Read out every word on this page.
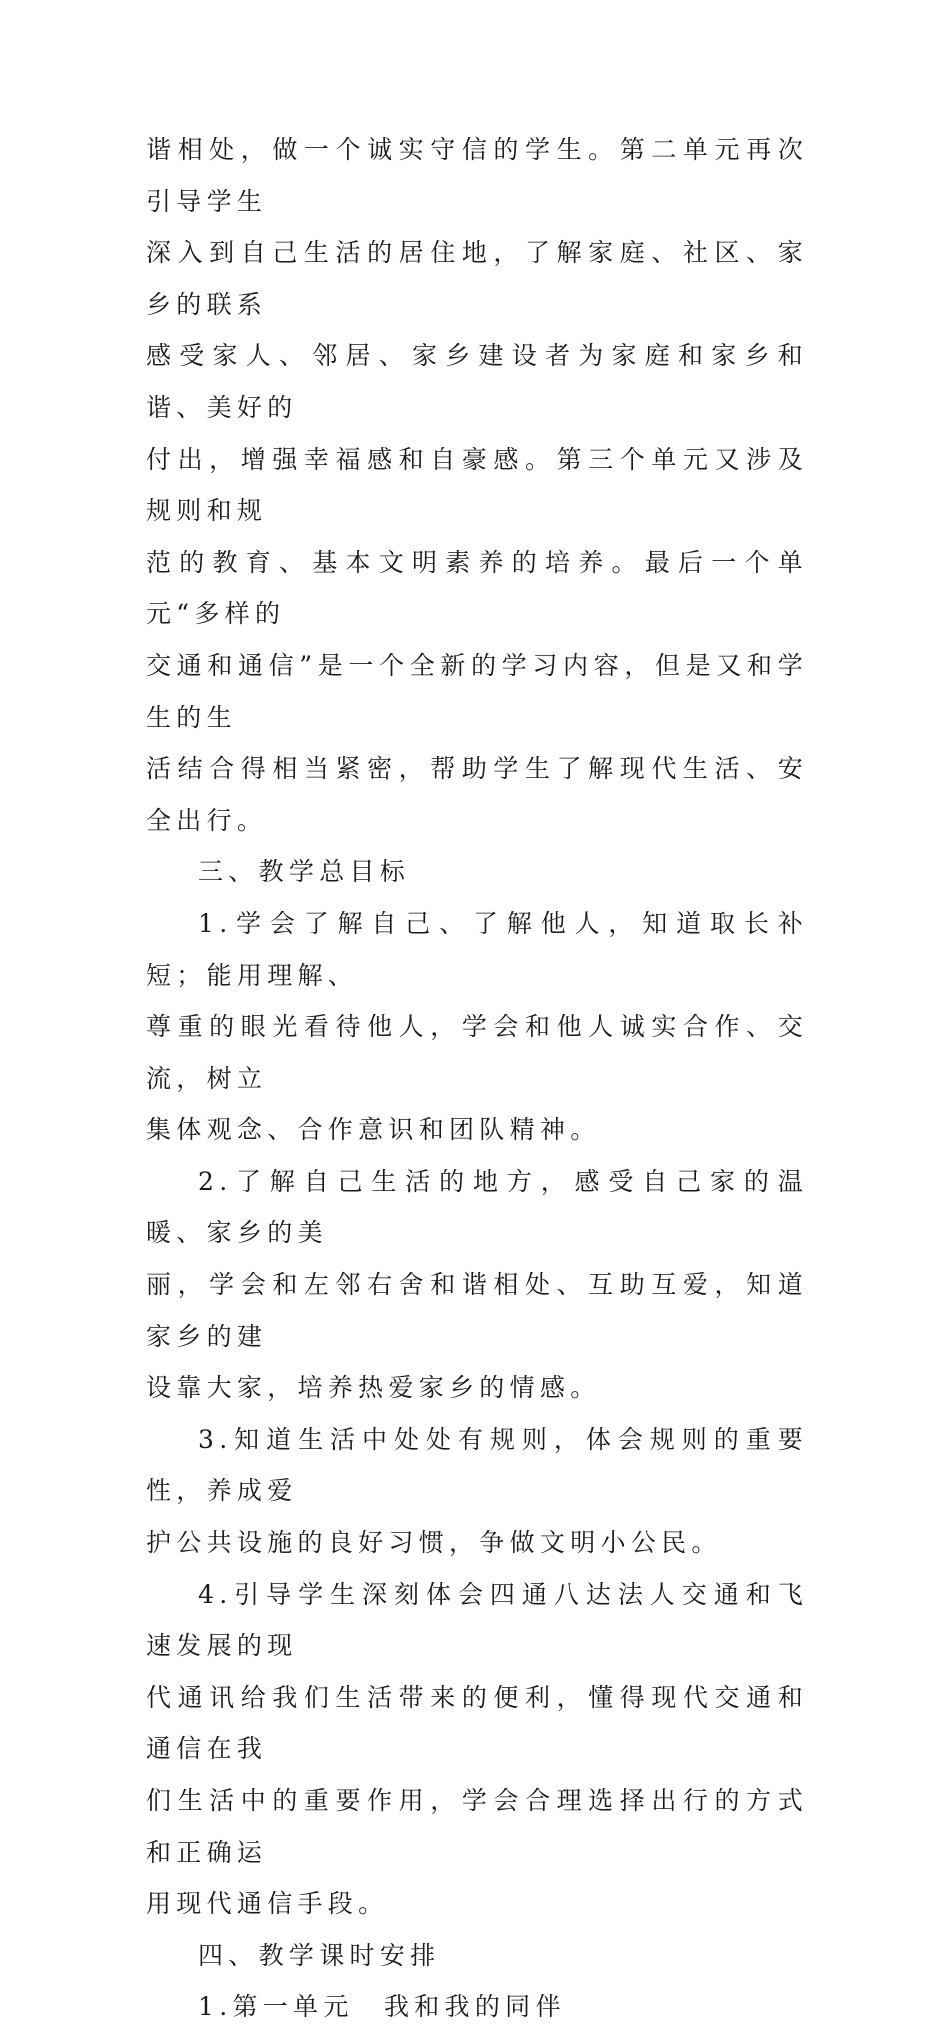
谐相处，做一个诚实守信的学生。第二单元再次引导学生
深入到自己生活的居住地，了解家庭、社区、家乡的联系
感受家人、邻居、家乡建设者为家庭和家乡和谐、美好的
付出，增强幸福感和自豪感。第三个单元又涉及规则和规
范的教育、基本文明素养的培养。最后一个单元“多样的
交通和通信”是一个全新的学习内容，但是又和学生的生
活结合得相当紧密，帮助学生了解现代生活、安全出行。

三、教学总目标

1.学会了解自己、了解他人，知道取长补短；能用理解、
尊重的眼光看待他人，学会和他人诚实合作、交流，树立
集体观念、合作意识和团队精神。

2.了解自己生活的地方，感受自己家的温暖、家乡的美
丽，学会和左邻右舍和谐相处、互助互爱，知道家乡的建
设靠大家，培养热爱家乡的情感。

3.知道生活中处处有规则，体会规则的重要性，养成爱
护公共设施的良好习惯，争做文明小公民。

4.引导学生深刻体会四通八达法人交通和飞速发展的现
代通讯给我们生活带来的便利，懂得现代交通和通信在我
们生活中的重要作用，学会合理选择出行的方式和正确运
用现代通信手段。

四、教学课时安排

1.第一单元　我和我的同伴
